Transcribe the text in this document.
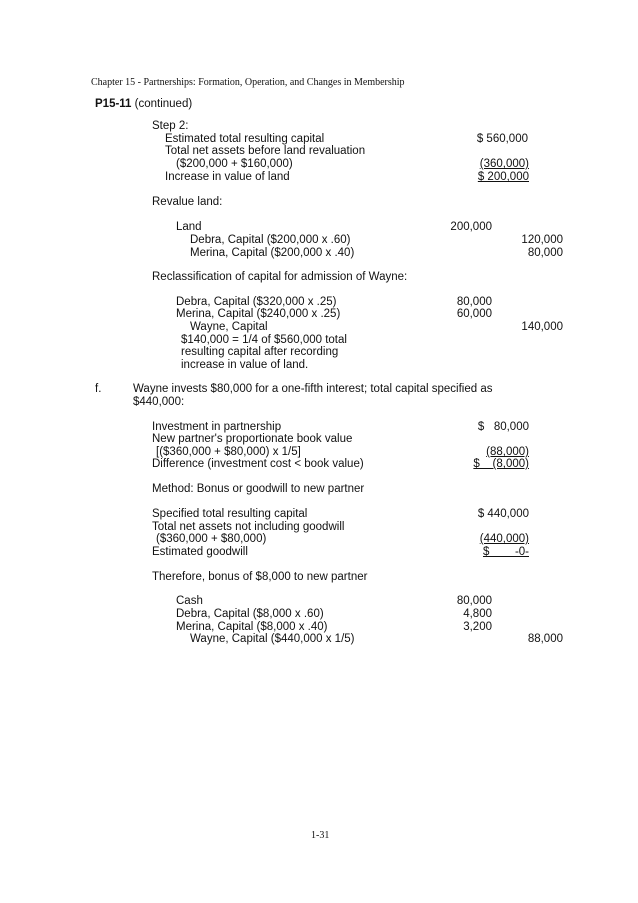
Chapter 15 - Partnerships: Formation, Operation, and Changes in Membership
P15-11 (continued)
Step 2:
Estimated total resulting capital	$ 560,000
Total net assets before land revaluation
($200,000 + $160,000)	(360,000)
Increase in value of land	$ 200,000
Revalue land:
Land	200,000
Debra, Capital ($200,000 x .60)	120,000
Merina, Capital ($200,000 x .40)	80,000
Reclassification of capital for admission of Wayne:
Debra, Capital ($320,000 x .25)	80,000
Merina, Capital ($240,000 x .25)	60,000
Wayne, Capital	140,000
$140,000 = 1/4 of $560,000 total
resulting capital after recording
increase in value of land.
f.	Wayne invests $80,000 for a one-fifth interest; total capital specified as
$440,000:
Investment in partnership	$   80,000
New partner's proportionate book value
[($360,000 + $80,000) x 1/5]	(88,000)
Difference (investment cost < book value)	$    (8,000)
Method: Bonus or goodwill to new partner
Specified total resulting capital	$ 440,000
Total net assets not including goodwill
($360,000 + $80,000)	(440,000)
Estimated goodwill	$        -0-
Therefore, bonus of $8,000 to new partner
Cash	80,000
Debra, Capital ($8,000 x .60)	4,800
Merina, Capital ($8,000 x .40)	3,200
Wayne, Capital ($440,000 x 1/5)	88,000
1-31
